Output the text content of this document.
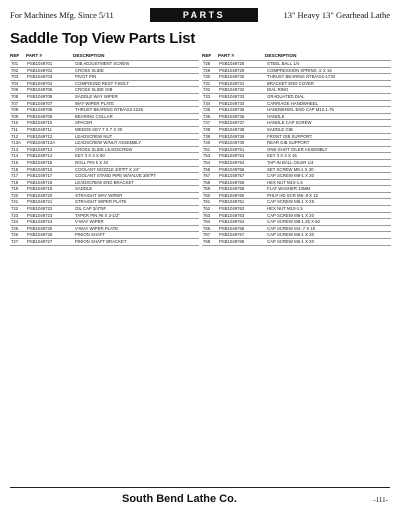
For Machines Mfg. Since 5/11	PARTS	13" Heavy 13" Gearhead Lathe
Saddle Top View Parts List
REF PART #	DESCRIPTION	REF PART #	DESCRIPTION
701	PSB1049701	GIB ADJUSTMENT SCREW
702	PSB1049702	CROSS SLIDE
703	PSB1049703	PIVOT PIN
704	PSB1049704	COMPOUND REST T-BOLT
706	PSB1049706	CROSS SLIDE GIB
708	PSB1049708	SADDLE WAY WIPER
707	PSB1049707	WAY WIPER PLATE
708	PSB1049708	THRUST BEARING NTB/AS2-1226
709	PSB1049709	BEARING COLLAR
710	PSB1049710	SPACER
711	PSB1049711	WEDGE KEY 7 X 7 X 30
712	PSB1049712	LEADSCREW NUT
713A	PSB1049713A	LEADSCREW W/NUT ASSEMBLY
713	PSB1049713	CROSS SLIDE LEADSCREW
714	PSB1049714	KEY 3 X 3 X 80
715	PSB1049715	ROLL PIN 5 X 40
716	PSB1049716	COOLANT NOZZLE 3/8"PT X 24"
717	PSB1049717	COOLANT STAND PIPE W/VALVE 3/8"PT
718	PSB1049718	LEADSCREW END BRACKET
719	PSB1049719	SADDLE
720	PSB1049720	STRAIGHT WAY WIPER
721	PSB1049721	STRAIGHT WIPER PLATE
722	PSB1049722	OIL CAP 3/4"NF
723	PSB1049723	TAPER PIN #6 X 2-1/2"
724	PSB1049724	V-WAY WIPER
725	PSB1049725	V-WAY WIPER PLATE
726	PSB1049726	PINION SHAFT
727	PSB1049727	PINION SHAFT BRACKET
728	PSB1049728	STEEL BALL 1/4
729	PSB1049729	COMPRESSION SPRING .6 X 15
730	PSB1049730	THRUST BEARING NTB/AS2-1730
731	PSB1049731	BRACKET END COVER
732	PSB1049732	DIAL RING
733	PSB1049733	GRADUATED DIAL
734	PSB1049734	CARRIAGE HANDWHEEL
735	PSB1049735	HANDWHEEL END CAP M12-1.75
736	PSB1049736	HANDLE
737	PSB1049737	HANDLE CAP SCREW
738	PSB1049738	SADDLE GIB
739	PSB1049739	FRONT GIB SUPPORT
740	PSB1049740	REAR GIB SUPPORT
751	PSB1049751	ONE-SHOT OILER ASSEMBLY
753	PSB1049753	KEY 3 X 3 X 15
754	PSB1049754	TAP-IN BALL OILER 1/4
756	PSB1049756	SET SCREW M8-1 X 30
757	PSB1049757	CAP SCREW M8-1 X 30
758	PSB1049758	HEX NUT M10-1.5
759	PSB1049759	FLAT WASHER 10MM
760	PSB1049760	PHLP HD SCR M5-.8 X 12
761	PSB1049761	CAP SCREW M6-1 X 25
762	PSB1049762	HEX NUT M10-1.5
763	PSB1049763	CAP SCREW M6-1 X 20
764	PSB1049764	CAP SCREW M8-1.25 X 60
766	PSB1049766	CAP SCREW M4-.7 X 10
767	PSB1049767	CAP SCREW M6-1 X 20
768	PSB1049768	CAP SCREW M6-1 X 20
South Bend Lathe Co.	-111-
